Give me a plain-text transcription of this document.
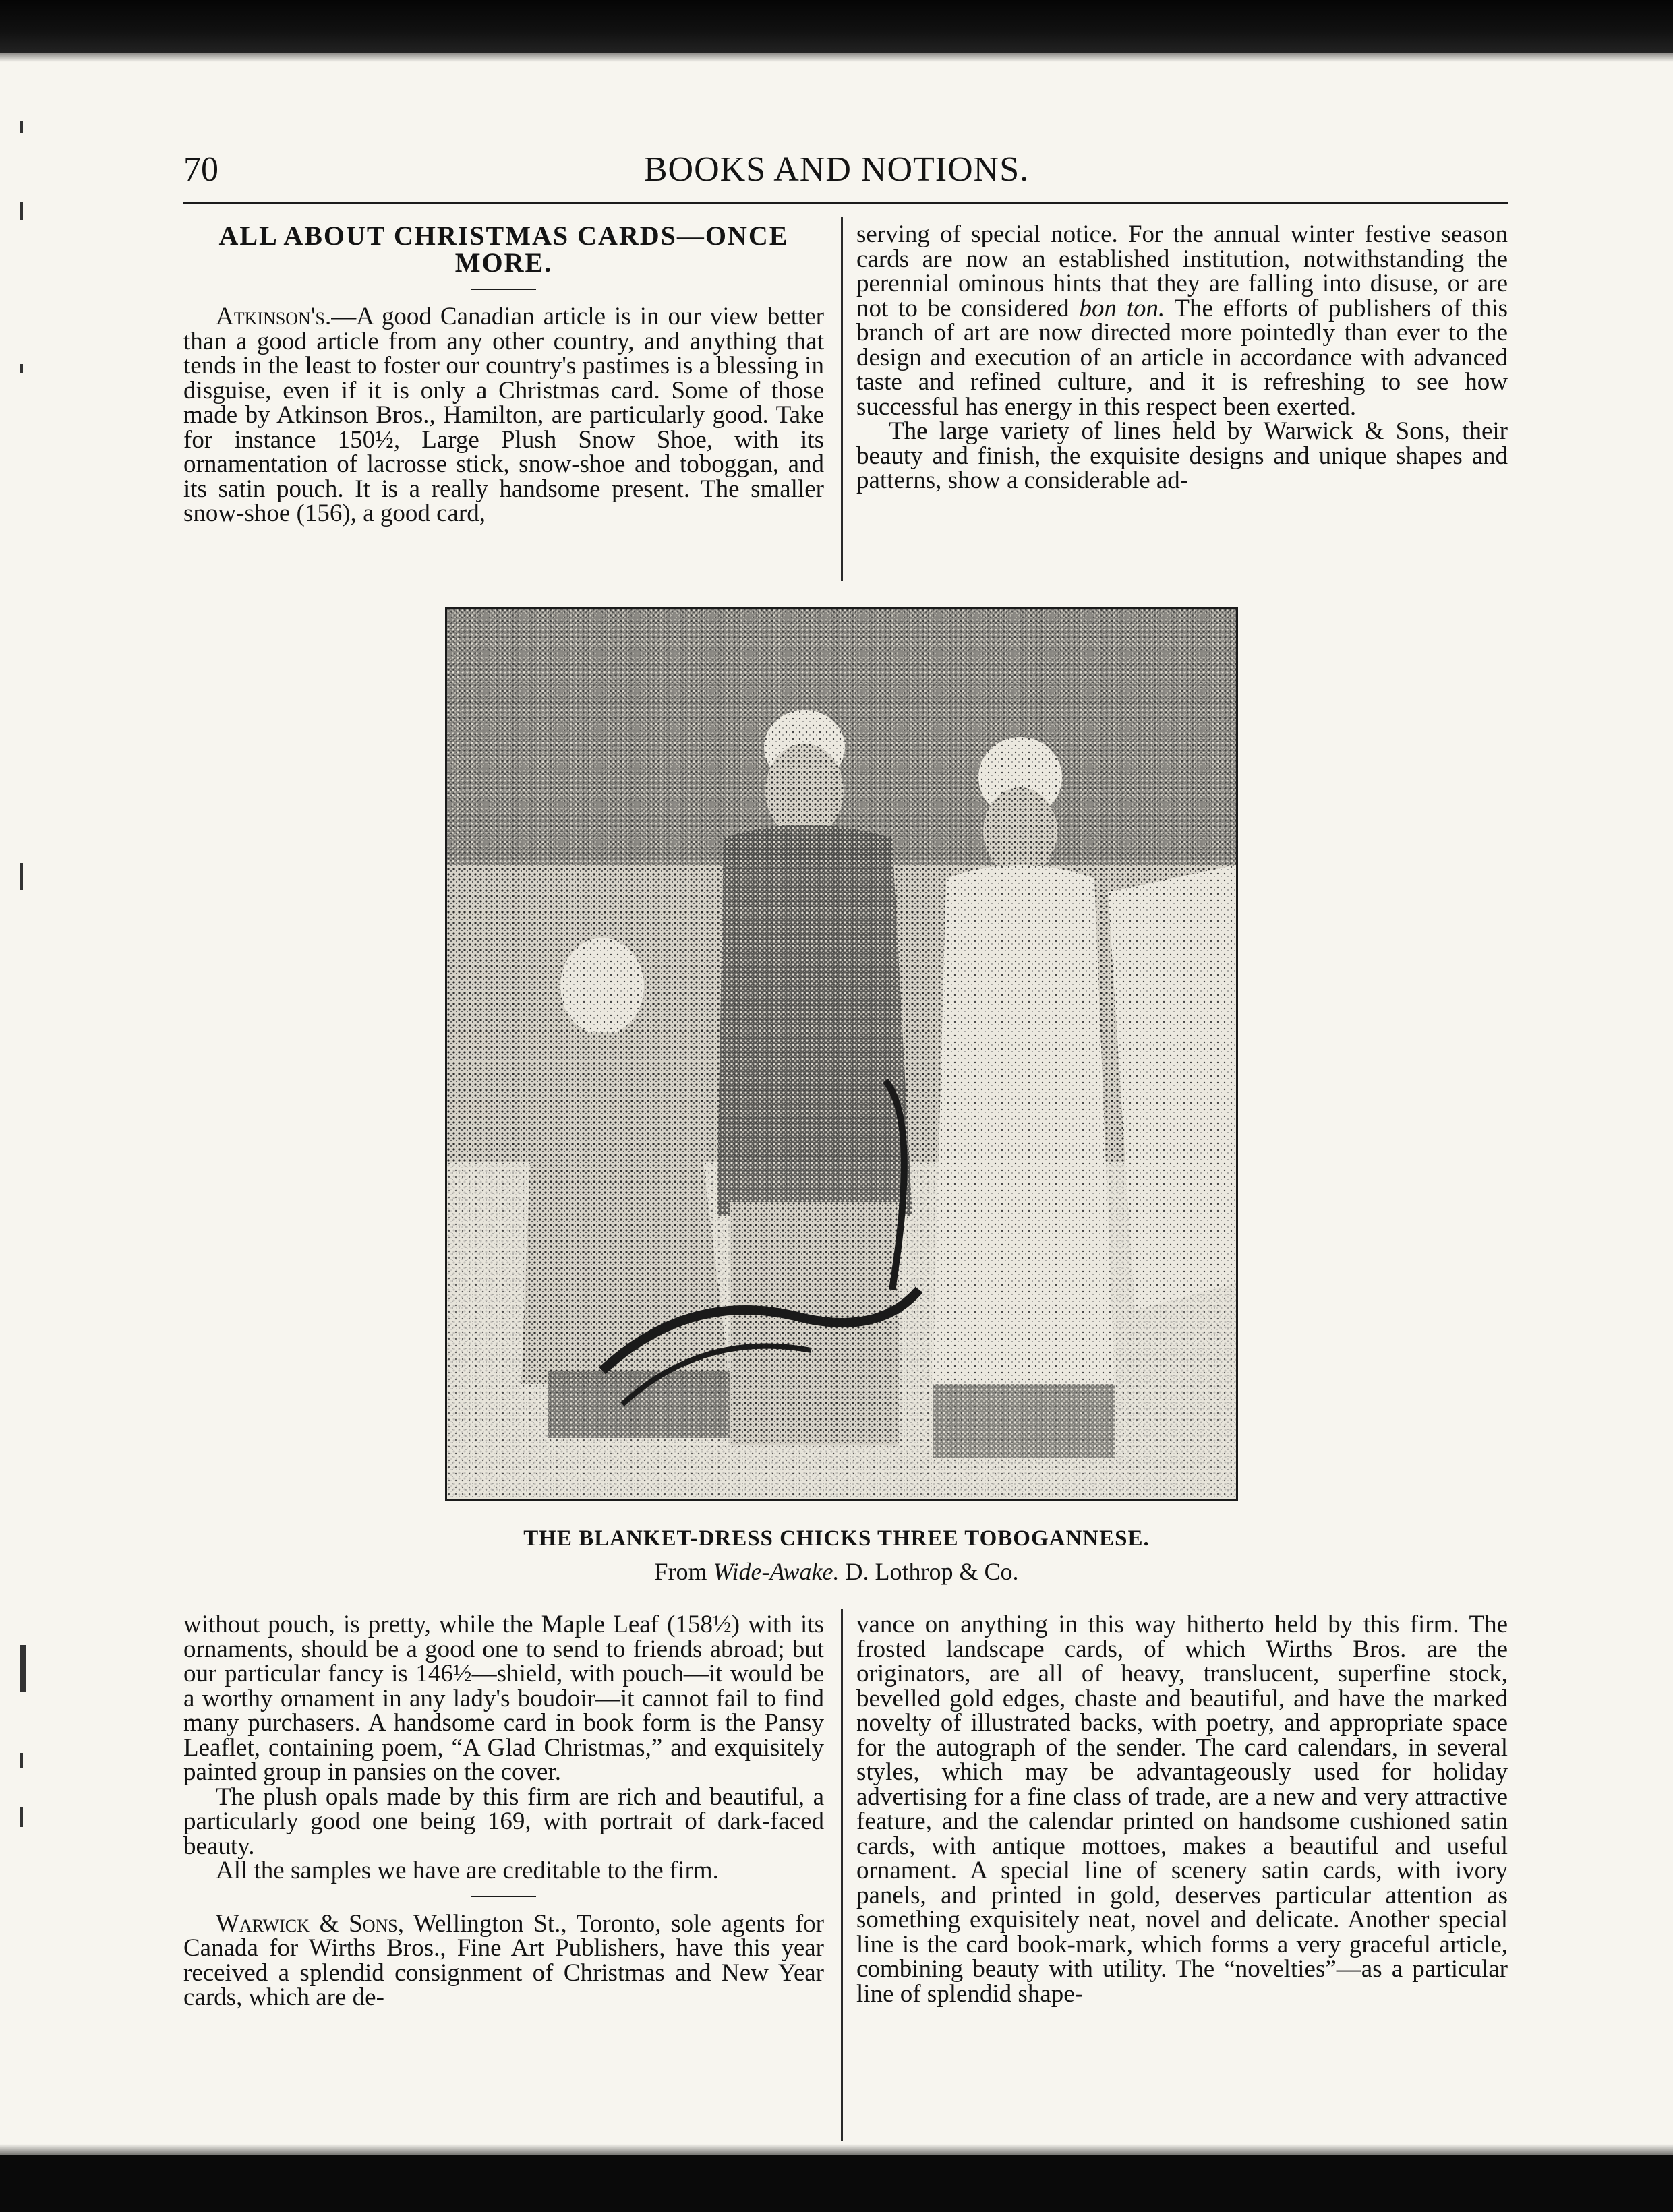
70	BOOKS AND NOTIONS.
ALL ABOUT CHRISTMAS CARDS—ONCE MORE.

Atkinson's.—A good Canadian article is in our view better than a good article from any other country, and anything that tends in the least to foster our country's pastimes is a blessing in disguise, even if it is only a Christmas card. Some of those made by Atkinson Bros., Hamilton, are particularly good. Take for instance 150½, Large Plush Snow Shoe, with its ornamentation of lacrosse stick, snow-shoe and toboggan, and its satin pouch. It is a really handsome present. The smaller snow-shoe (156), a good card,

serving of special notice. For the annual winter festive season cards are now an established institution, notwithstanding the perennial ominous hints that they are falling into disuse, or are not to be considered bon ton. The efforts of publishers of this branch of art are now directed more pointedly than ever to the design and execution of an article in accordance with advanced taste and refined culture, and it is refreshing to see how successful has energy in this respect been exerted.

The large variety of lines held by Warwick & Sons, their beauty and finish, the exquisite designs and unique shapes and patterns, show a considerable ad-

THE BLANKET-DRESS CHICKS THREE TOBOGANNESE.
From Wide-Awake. D. Lothrop & Co.

without pouch, is pretty, while the Maple Leaf (158½) with its ornaments, should be a good one to send to friends abroad; but our particular fancy is 146½—shield, with pouch—it would be a worthy ornament in any lady's boudoir—it cannot fail to find many purchasers. A handsome card in book form is the Pansy Leaflet, containing poem, “A Glad Christmas,” and exquisitely painted group in pansies on the cover.

The plush opals made by this firm are rich and beautiful, a particularly good one being 169, with portrait of dark-faced beauty.

All the samples we have are creditable to the firm.

Warwick & Sons, Wellington St., Toronto, sole agents for Canada for Wirths Bros., Fine Art Publishers, have this year received a splendid consignment of Christmas and New Year cards, which are de-

vance on anything in this way hitherto held by this firm. The frosted landscape cards, of which Wirths Bros. are the originators, are all of heavy, translucent, superfine stock, bevelled gold edges, chaste and beautiful, and have the marked novelty of illustrated backs, with poetry, and appropriate space for the autograph of the sender. The card calendars, in several styles, which may be advantageously used for holiday advertising for a fine class of trade, are a new and very attractive feature, and the calendar printed on handsome cushioned satin cards, with antique mottoes, makes a beautiful and useful ornament. A special line of scenery satin cards, with ivory panels, and printed in gold, deserves particular attention as something exquisitely neat, novel and delicate. Another special line is the card book-mark, which forms a very graceful article, combining beauty with utility. The “novelties”—as a particular line of splendid shape-
